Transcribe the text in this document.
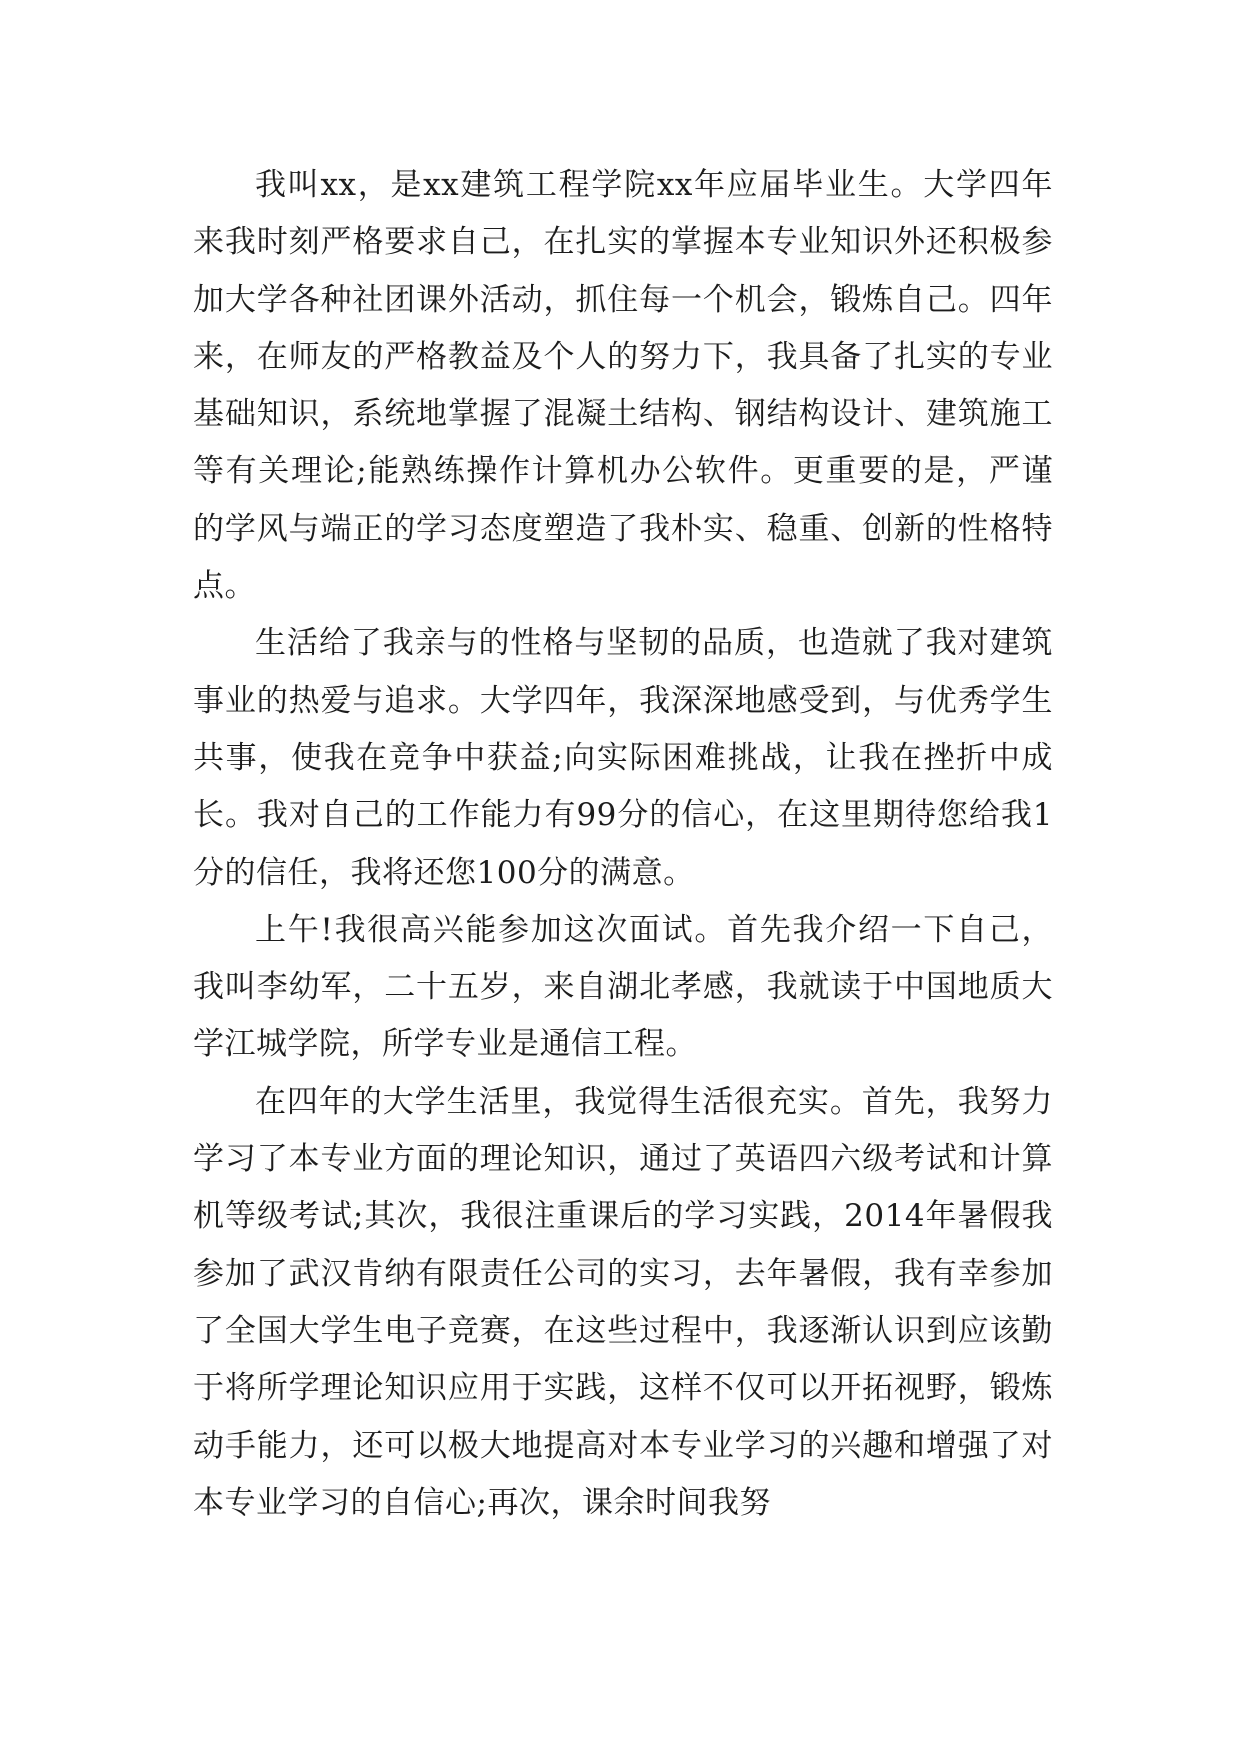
我叫xx，是xx建筑工程学院xx年应届毕业生。大学四年来我时刻严格要求自己，在扎实的掌握本专业知识外还积极参加大学各种社团课外活动，抓住每一个机会，锻炼自己。四年来，在师友的严格教益及个人的努力下，我具备了扎实的专业基础知识，系统地掌握了混凝土结构、钢结构设计、建筑施工等有关理论;能熟练操作计算机办公软件。更重要的是，严谨的学风与端正的学习态度塑造了我朴实、稳重、创新的性格特点。

生活给了我亲与的性格与坚韧的品质，也造就了我对建筑事业的热爱与追求。大学四年，我深深地感受到，与优秀学生共事，使我在竞争中获益;向实际困难挑战，让我在挫折中成长。我对自己的工作能力有99分的信心，在这里期待您给我1分的信任，我将还您100分的满意。

上午!我很高兴能参加这次面试。首先我介绍一下自己，我叫李幼军，二十五岁，来自湖北孝感，我就读于中国地质大学江城学院，所学专业是通信工程。

在四年的大学生活里，我觉得生活很充实。首先，我努力学习了本专业方面的理论知识，通过了英语四六级考试和计算机等级考试;其次，我很注重课后的学习实践，2014年暑假我参加了武汉肯纳有限责任公司的实习，去年暑假，我有幸参加了全国大学生电子竞赛，在这些过程中，我逐渐认识到应该勤于将所学理论知识应用于实践，这样不仅可以开拓视野，锻炼动手能力，还可以极大地提高对本专业学习的兴趣和增强了对本专业学习的自信心;再次，课余时间我努
